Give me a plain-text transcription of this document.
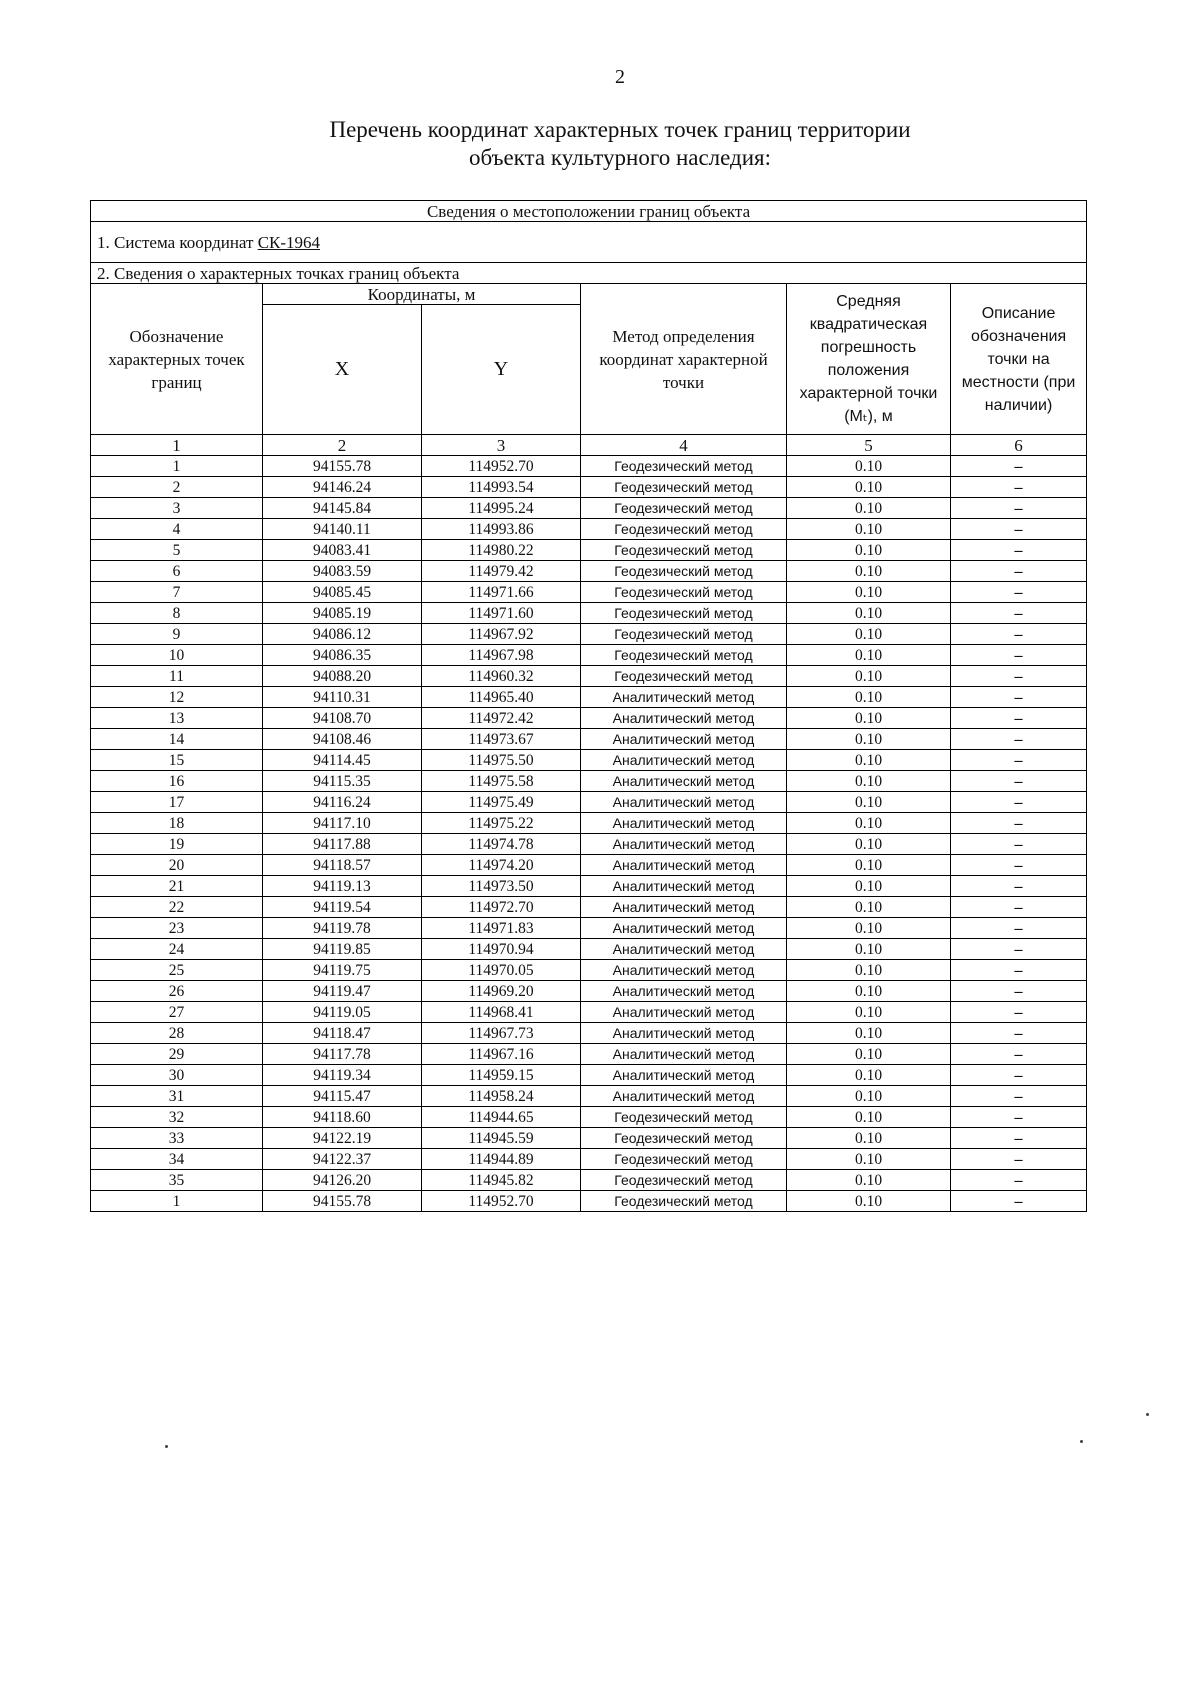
2
Перечень координат характерных точек границ территории
объекта культурного наследия:
Сведения о местоположении границ объекта					
1. Система координат СК-1964					
2. Сведения о характерных точках границ объекта					
Обозначение характерных точек границ	Координаты, м		Метод определения координат характерной точки	Средняя квадратическая погрешность положения характерной точки (Mₜ), м	Описание обозначения точки на местности (при наличии)
	X	Y			
1	2	3	4	5	6
1	94155.78	114952.70	Геодезический метод	0.10	–
2	94146.24	114993.54	Геодезический метод	0.10	–
3	94145.84	114995.24	Геодезический метод	0.10	–
4	94140.11	114993.86	Геодезический метод	0.10	–
5	94083.41	114980.22	Геодезический метод	0.10	–
6	94083.59	114979.42	Геодезический метод	0.10	–
7	94085.45	114971.66	Геодезический метод	0.10	–
8	94085.19	114971.60	Геодезический метод	0.10	–
9	94086.12	114967.92	Геодезический метод	0.10	–
10	94086.35	114967.98	Геодезический метод	0.10	–
11	94088.20	114960.32	Геодезический метод	0.10	–
12	94110.31	114965.40	Аналитический метод	0.10	–
13	94108.70	114972.42	Аналитический метод	0.10	–
14	94108.46	114973.67	Аналитический метод	0.10	–
15	94114.45	114975.50	Аналитический метод	0.10	–
16	94115.35	114975.58	Аналитический метод	0.10	–
17	94116.24	114975.49	Аналитический метод	0.10	–
18	94117.10	114975.22	Аналитический метод	0.10	–
19	94117.88	114974.78	Аналитический метод	0.10	–
20	94118.57	114974.20	Аналитический метод	0.10	–
21	94119.13	114973.50	Аналитический метод	0.10	–
22	94119.54	114972.70	Аналитический метод	0.10	–
23	94119.78	114971.83	Аналитический метод	0.10	–
24	94119.85	114970.94	Аналитический метод	0.10	–
25	94119.75	114970.05	Аналитический метод	0.10	–
26	94119.47	114969.20	Аналитический метод	0.10	–
27	94119.05	114968.41	Аналитический метод	0.10	–
28	94118.47	114967.73	Аналитический метод	0.10	–
29	94117.78	114967.16	Аналитический метод	0.10	–
30	94119.34	114959.15	Аналитический метод	0.10	–
31	94115.47	114958.24	Аналитический метод	0.10	–
32	94118.60	114944.65	Геодезический метод	0.10	–
33	94122.19	114945.59	Геодезический метод	0.10	–
34	94122.37	114944.89	Геодезический метод	0.10	–
35	94126.20	114945.82	Геодезический метод	0.10	–
1	94155.78	114952.70	Геодезический метод	0.10	–
